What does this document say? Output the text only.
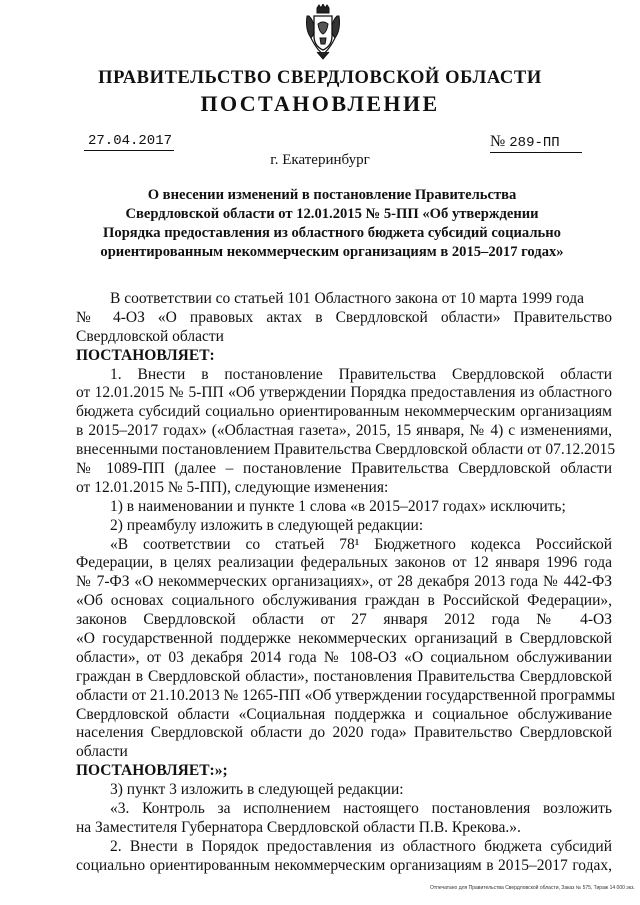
ПРАВИТЕЛЬСТВО СВЕРДЛОВСКОЙ ОБЛАСТИ
ПОСТАНОВЛЕНИЕ
27.04.2017	№ 289-ПП
г. Екатеринбург
О внесении изменений в постановление Правительства
Свердловской области от 12.01.2015 № 5-ПП «Об утверждении
Порядка предоставления из областного бюджета субсидий социально
ориентированным некоммерческим организациям в 2015–2017 годах»
В соответствии со статьей 101 Областного закона от 10 марта 1999 года
№ 4-ОЗ «О правовых актах в Свердловской области» Правительство
Свердловской области
ПОСТАНОВЛЯЕТ:
1. Внести в постановление Правительства Свердловской области
от 12.01.2015 № 5-ПП «Об утверждении Порядка предоставления из областного
бюджета субсидий социально ориентированным некоммерческим организациям
в 2015–2017 годах» («Областная газета», 2015, 15 января, № 4) с изменениями,
внесенными постановлением Правительства Свердловской области от 07.12.2015
№ 1089-ПП (далее – постановление Правительства Свердловской области
от 12.01.2015 № 5-ПП), следующие изменения:
1) в наименовании и пункте 1 слова «в 2015–2017 годах» исключить;
2) преамбулу изложить в следующей редакции:
«В соответствии со статьей 78¹ Бюджетного кодекса Российской
Федерации, в целях реализации федеральных законов от 12 января 1996 года
№ 7-ФЗ «О некоммерческих организациях», от 28 декабря 2013 года № 442-ФЗ
«Об основах социального обслуживания граждан в Российской Федерации»,
законов Свердловской области от 27 января 2012 года № 4-ОЗ
«О государственной поддержке некоммерческих организаций в Свердловской
области», от 03 декабря 2014 года № 108-ОЗ «О социальном обслуживании
граждан в Свердловской области», постановления Правительства Свердловской
области от 21.10.2013 № 1265-ПП «Об утверждении государственной программы
Свердловской области «Социальная поддержка и социальное обслуживание
населения Свердловской области до 2020 года» Правительство Свердловской
области
ПОСТАНОВЛЯЕТ:»;
3) пункт 3 изложить в следующей редакции:
«3. Контроль за исполнением настоящего постановления возложить
на Заместителя Губернатора Свердловской области П.В. Крекова.».
2. Внести в Порядок предоставления из областного бюджета субсидий
социально ориентированным некоммерческим организациям в 2015–2017 годах,
Отпечатано для Правительства Свердловской области, Заказ № 575, Тираж 14 000 экз.
